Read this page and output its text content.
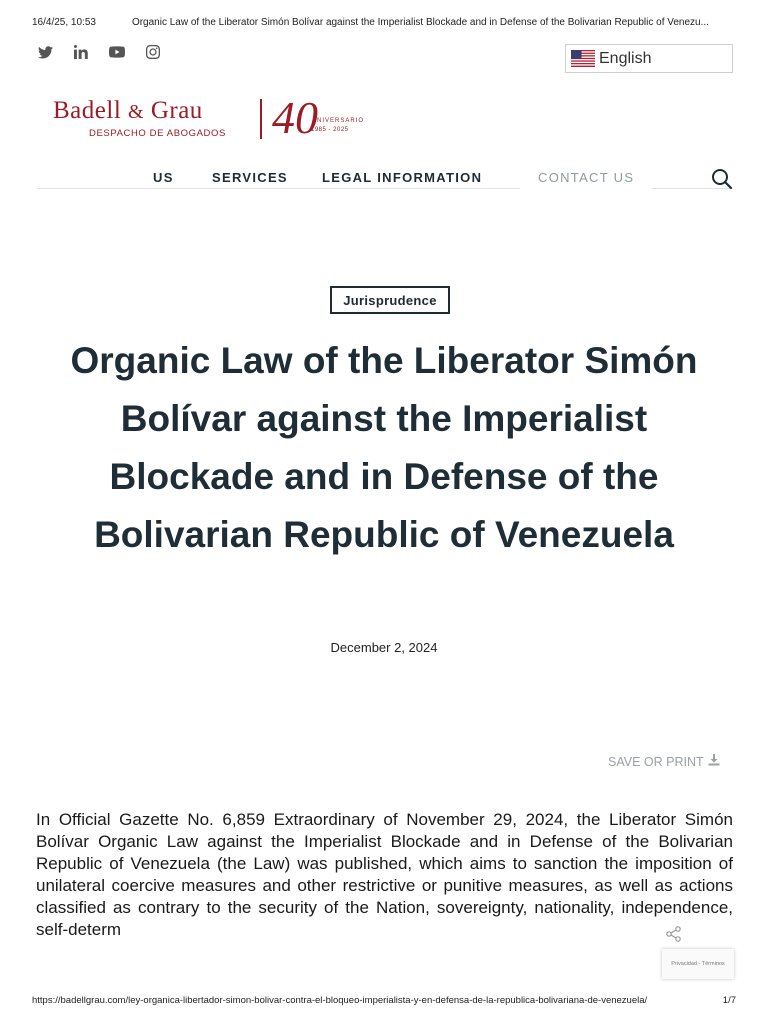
16/4/25, 10:53	Organic Law of the Liberator Simón Bolívar against the Imperialist Blockade and in Defense of the Bolivarian Republic of Venezu...
English
Badell & Grau
DESPACHO DE ABOGADOS 40
ANIVERSARIO
1985 - 2025
US	SERVICES	LEGAL INFORMATION	CONTACT US
Jurisprudence
Organic Law of the Liberator Simón Bolívar against the Imperialist Blockade and in Defense of the Bolivarian Republic of Venezuela
December 2, 2024
SAVE OR PRINT

In Official Gazette No. 6,859 Extraordinary of November 29, 2024, the Liberator Simón Bolívar Organic Law against the Imperialist Blockade and in Defense of the Bolivarian Republic of Venezuela (the Law) was published, which aims to sanction the imposition of unilateral coercive measures and other restrictive or punitive measures, as well as actions classified as contrary to the security of the Nation, sovereignty, nationality, independence, self-determ

Privacidad - Términos
https://badellgrau.com/ley-organica-libertador-simon-bolivar-contra-el-bloqueo-imperialista-y-en-defensa-de-la-republica-bolivariana-de-venezuela/	1/7
